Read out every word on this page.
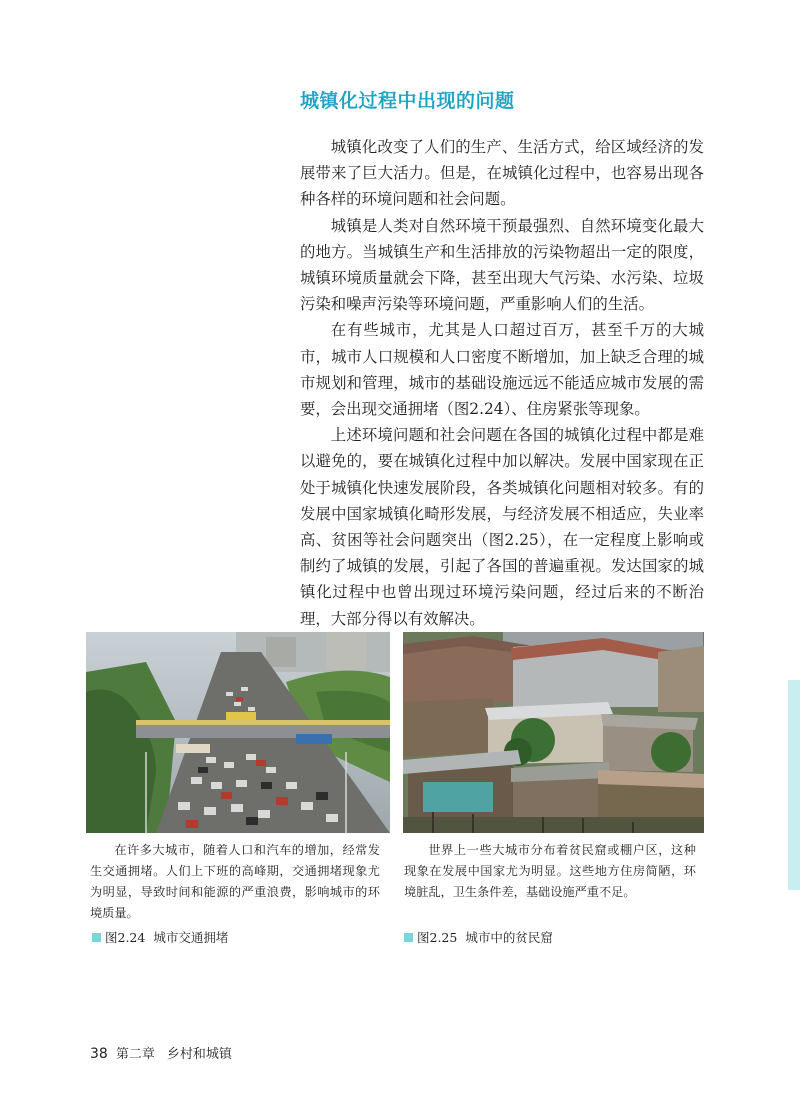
城镇化过程中出现的问题

城镇化改变了人们的生产、生活方式，给区域经济的发展带来了巨大活力。但是，在城镇化过程中，也容易出现各种各样的环境问题和社会问题。

城镇是人类对自然环境干预最强烈、自然环境变化最大的地方。当城镇生产和生活排放的污染物超出一定的限度，城镇环境质量就会下降，甚至出现大气污染、水污染、垃圾污染和噪声污染等环境问题，严重影响人们的生活。

在有些城市，尤其是人口超过百万，甚至千万的大城市，城市人口规模和人口密度不断增加，加上缺乏合理的城市规划和管理，城市的基础设施远远不能适应城市发展的需要，会出现交通拥堵（图2.24）、住房紧张等现象。

上述环境问题和社会问题在各国的城镇化过程中都是难以避免的，要在城镇化过程中加以解决。发展中国家现在正处于城镇化快速发展阶段，各类城镇化问题相对较多。有的发展中国家城镇化畸形发展，与经济发展不相适应，失业率高、贫困等社会问题突出（图2.25），在一定程度上影响或制约了城镇的发展，引起了各国的普遍重视。发达国家的城镇化过程中也曾出现过环境污染问题，经过后来的不断治理，大部分得以有效解决。

在许多大城市，随着人口和汽车的增加，经常发生交通拥堵。人们上下班的高峰期，交通拥堵现象尤为明显，导致时间和能源的严重浪费，影响城市的环境质量。
世界上一些大城市分布着贫民窟或棚户区，这种现象在发展中国家尤为明显。这些地方住房简陋，环境脏乱，卫生条件差，基础设施严重不足。
图2.24 城市交通拥堵	图2.25 城市中的贫民窟
38 第二章 乡村和城镇
